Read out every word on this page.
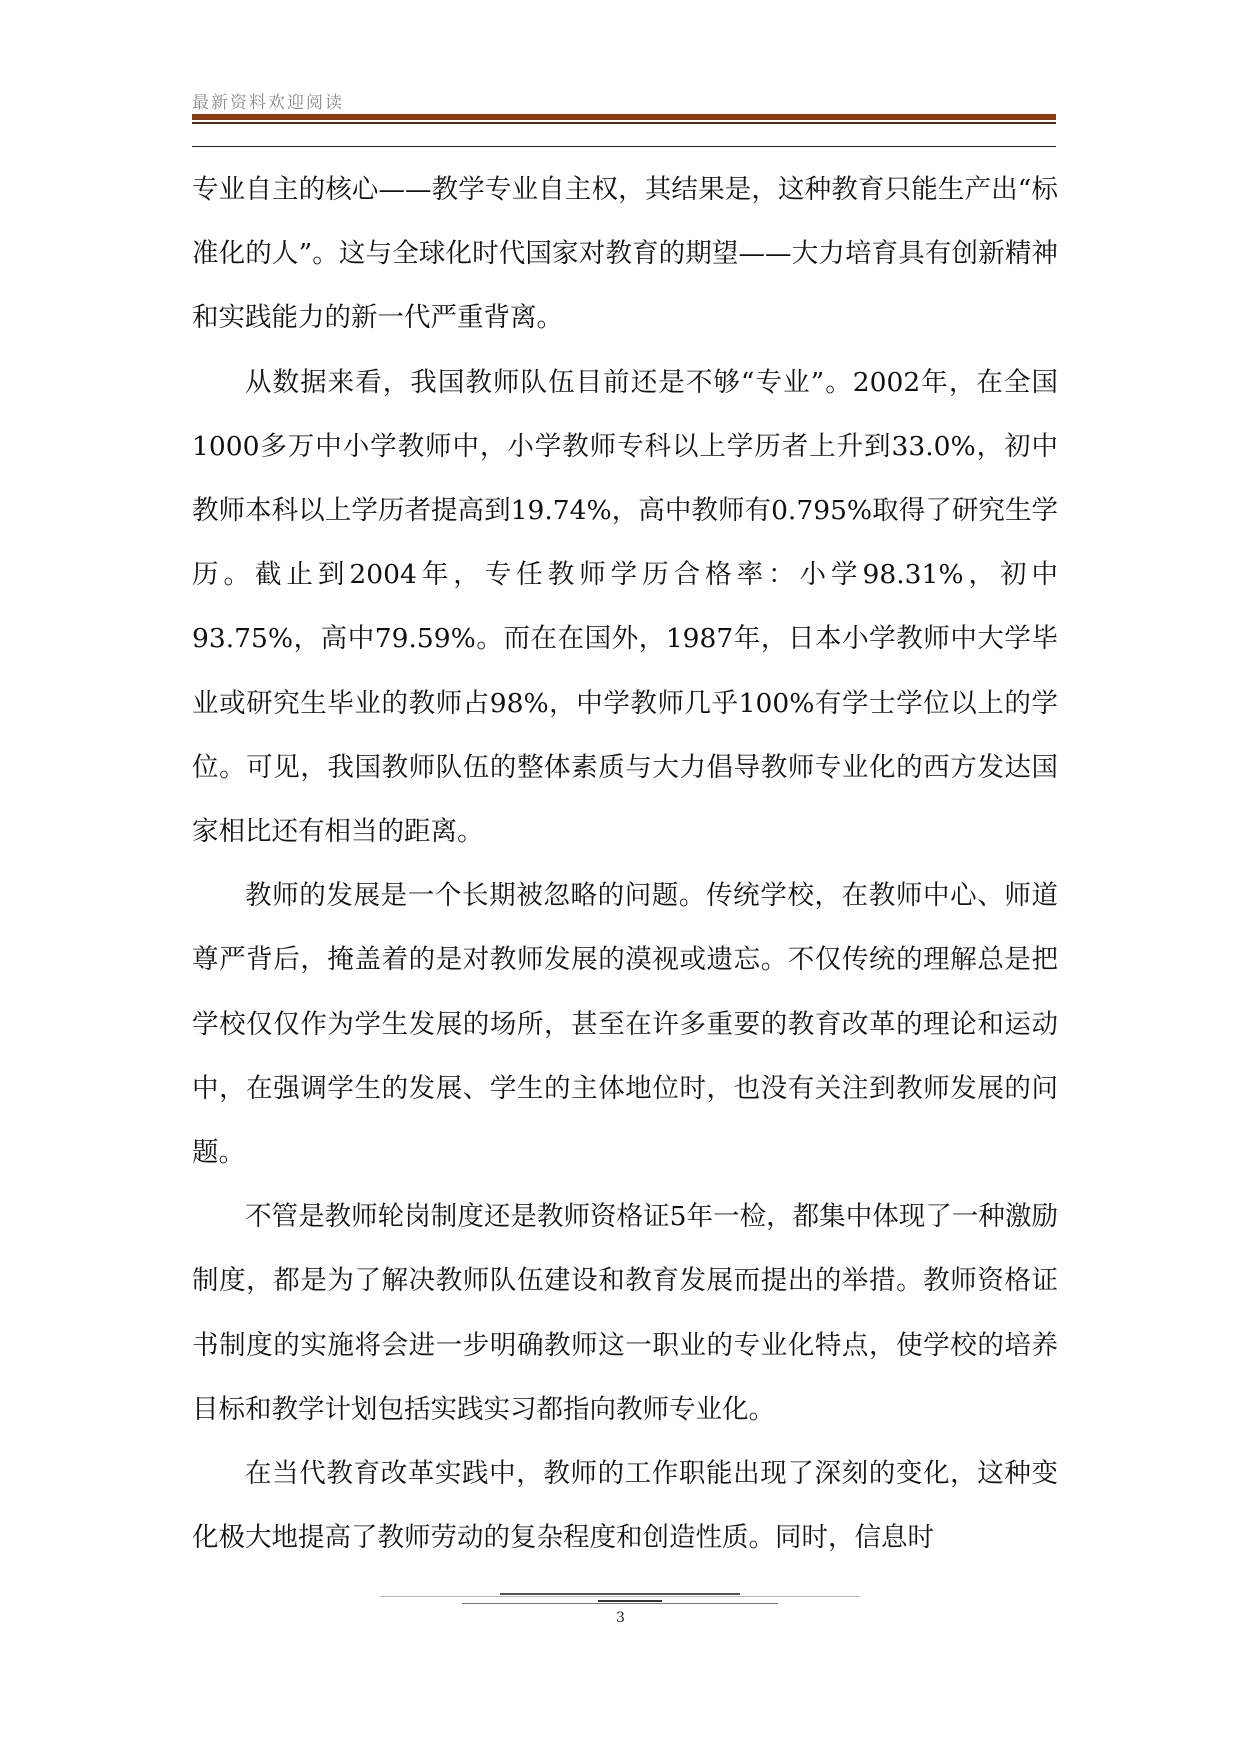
最新资料欢迎阅读

专业自主的核心——教学专业自主权，其结果是，这种教育只能生产出“标准化的人”。这与全球化时代国家对教育的期望——大力培育具有创新精神和实践能力的新一代严重背离。

从数据来看，我国教师队伍目前还是不够“专业”。2002年，在全国1000多万中小学教师中，小学教师专科以上学历者上升到33.0%，初中教师本科以上学历者提高到19.74%，高中教师有0.795%取得了研究生学历。截止到2004年，专任教师学历合格率：小学98.31%，初中93.75%，高中79.59%。而在在国外，1987年，日本小学教师中大学毕业或研究生毕业的教师占98%，中学教师几乎100%有学士学位以上的学位。可见，我国教师队伍的整体素质与大力倡导教师专业化的西方发达国家相比还有相当的距离。

教师的发展是一个长期被忽略的问题。传统学校，在教师中心、师道尊严背后，掩盖着的是对教师发展的漠视或遗忘。不仅传统的理解总是把学校仅仅作为学生发展的场所，甚至在许多重要的教育改革的理论和运动中，在强调学生的发展、学生的主体地位时，也没有关注到教师发展的问题。

不管是教师轮岗制度还是教师资格证5年一检，都集中体现了一种激励制度，都是为了解决教师队伍建设和教育发展而提出的举措。教师资格证书制度的实施将会进一步明确教师这一职业的专业化特点，使学校的培养目标和教学计划包括实践实习都指向教师专业化。

在当代教育改革实践中，教师的工作职能出现了深刻的变化，这种变化极大地提高了教师劳动的复杂程度和创造性质。同时，信息时

3
